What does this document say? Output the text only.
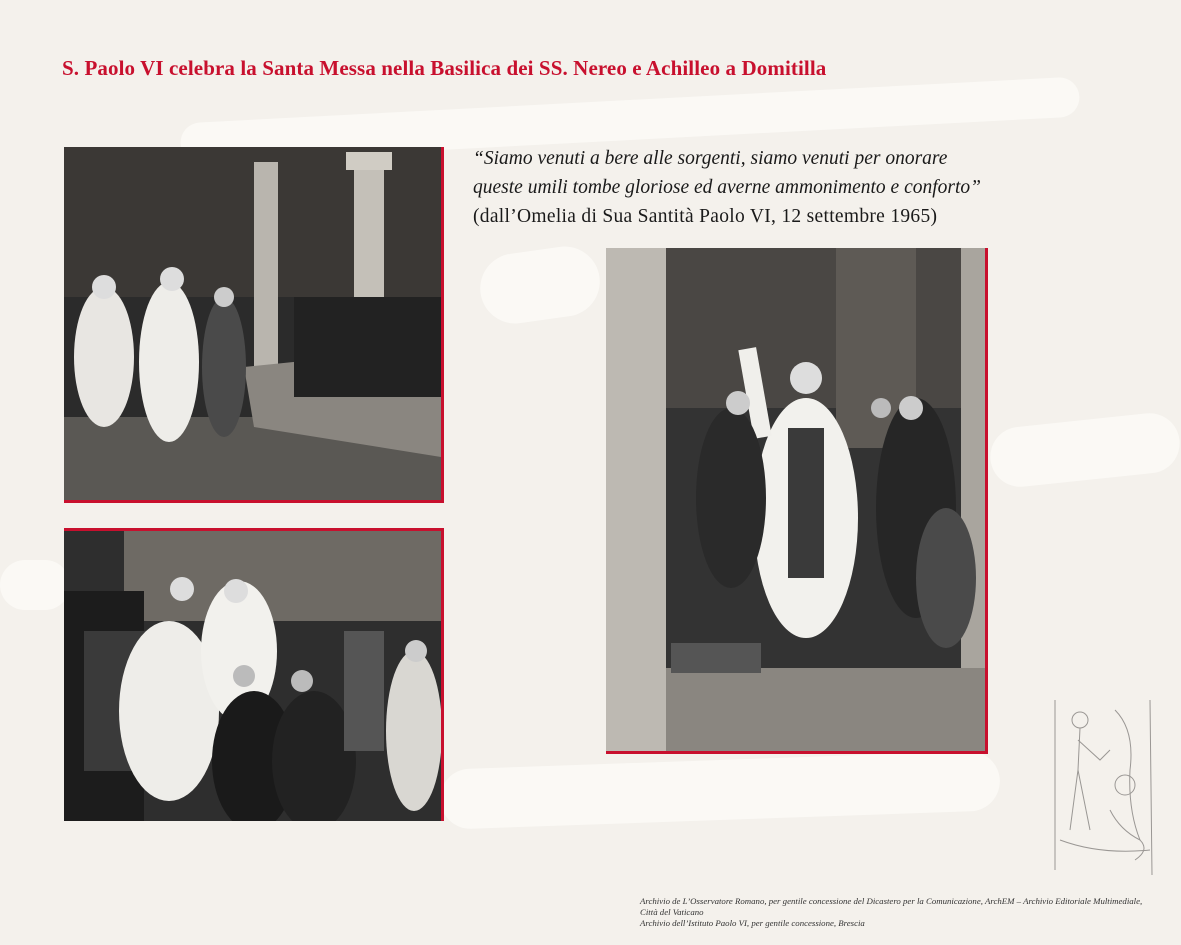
S. Paolo VI celebra la Santa Messa nella Basilica dei SS. Nereo e Achilleo a Domitilla
“Siamo venuti a bere alle sorgenti, siamo venuti per onorare
queste umili tombe gloriose ed averne ammonimento e conforto”
(dall’Omelia di Sua Santità Paolo VI, 12 settembre 1965)
Archivio de L’Osservatore Romano, per gentile concessione del Dicastero per la Comunicazione, ArchEM – Archivio Editoriale Multimediale,
Città del Vaticano
Archivio dell’Istituto Paolo VI, per gentile concessione, Brescia
